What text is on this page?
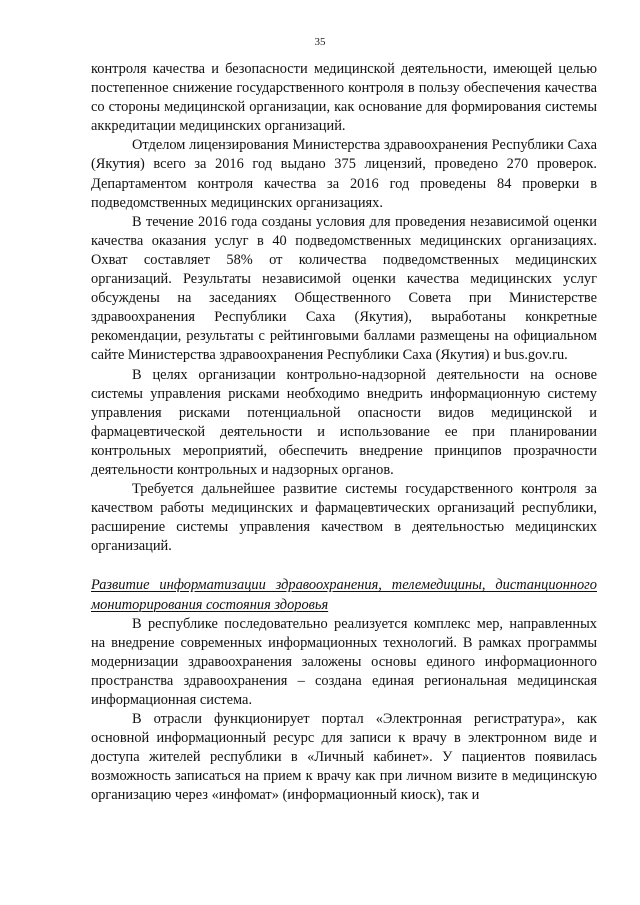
35

контроля качества и безопасности медицинской деятельности, имеющей целью постепенное снижение государственного контроля в пользу обеспечения качества со стороны медицинской организации, как основание для формирования системы аккредитации медицинских организаций.

Отделом лицензирования Министерства здравоохранения Республики Саха (Якутия) всего за 2016 год выдано 375 лицензий, проведено 270 проверок. Департаментом контроля качества за 2016 год проведены 84 проверки в подведомственных медицинских организациях.

В течение 2016 года созданы условия для проведения независимой оценки качества оказания услуг в 40 подведомственных медицинских организациях. Охват составляет 58% от количества подведомственных медицинских организаций. Результаты независимой оценки качества медицинских услуг обсуждены на заседаниях Общественного Совета при Министерстве здравоохранения Республики Саха (Якутия), выработаны конкретные рекомендации, результаты с рейтинговыми баллами размещены на официальном сайте Министерства здравоохранения Республики Саха (Якутия) и bus.gov.ru.

В целях организации контрольно-надзорной деятельности на основе системы управления рисками необходимо внедрить информационную систему управления рисками потенциальной опасности видов медицинской и фармацевтической деятельности и использование ее при планировании контрольных мероприятий, обеспечить внедрение принципов прозрачности деятельности контрольных и надзорных органов.

Требуется дальнейшее развитие системы государственного контроля за качеством работы медицинских и фармацевтических организаций республики, расширение системы управления качеством в деятельностью медицинских организаций.

Развитие информатизации здравоохранения, телемедицины, дистанционного мониторирования состояния здоровья

В республике последовательно реализуется комплекс мер, направленных на внедрение современных информационных технологий. В рамках программы модернизации здравоохранения заложены основы единого информационного пространства здравоохранения – создана единая региональная медицинская информационная система.

В отрасли функционирует портал «Электронная регистратура», как основной информационный ресурс для записи к врачу в электронном виде и доступа жителей республики в «Личный кабинет». У пациентов появилась возможность записаться на прием к врачу как при личном визите в медицинскую организацию через «инфомат» (информационный киоск), так и
